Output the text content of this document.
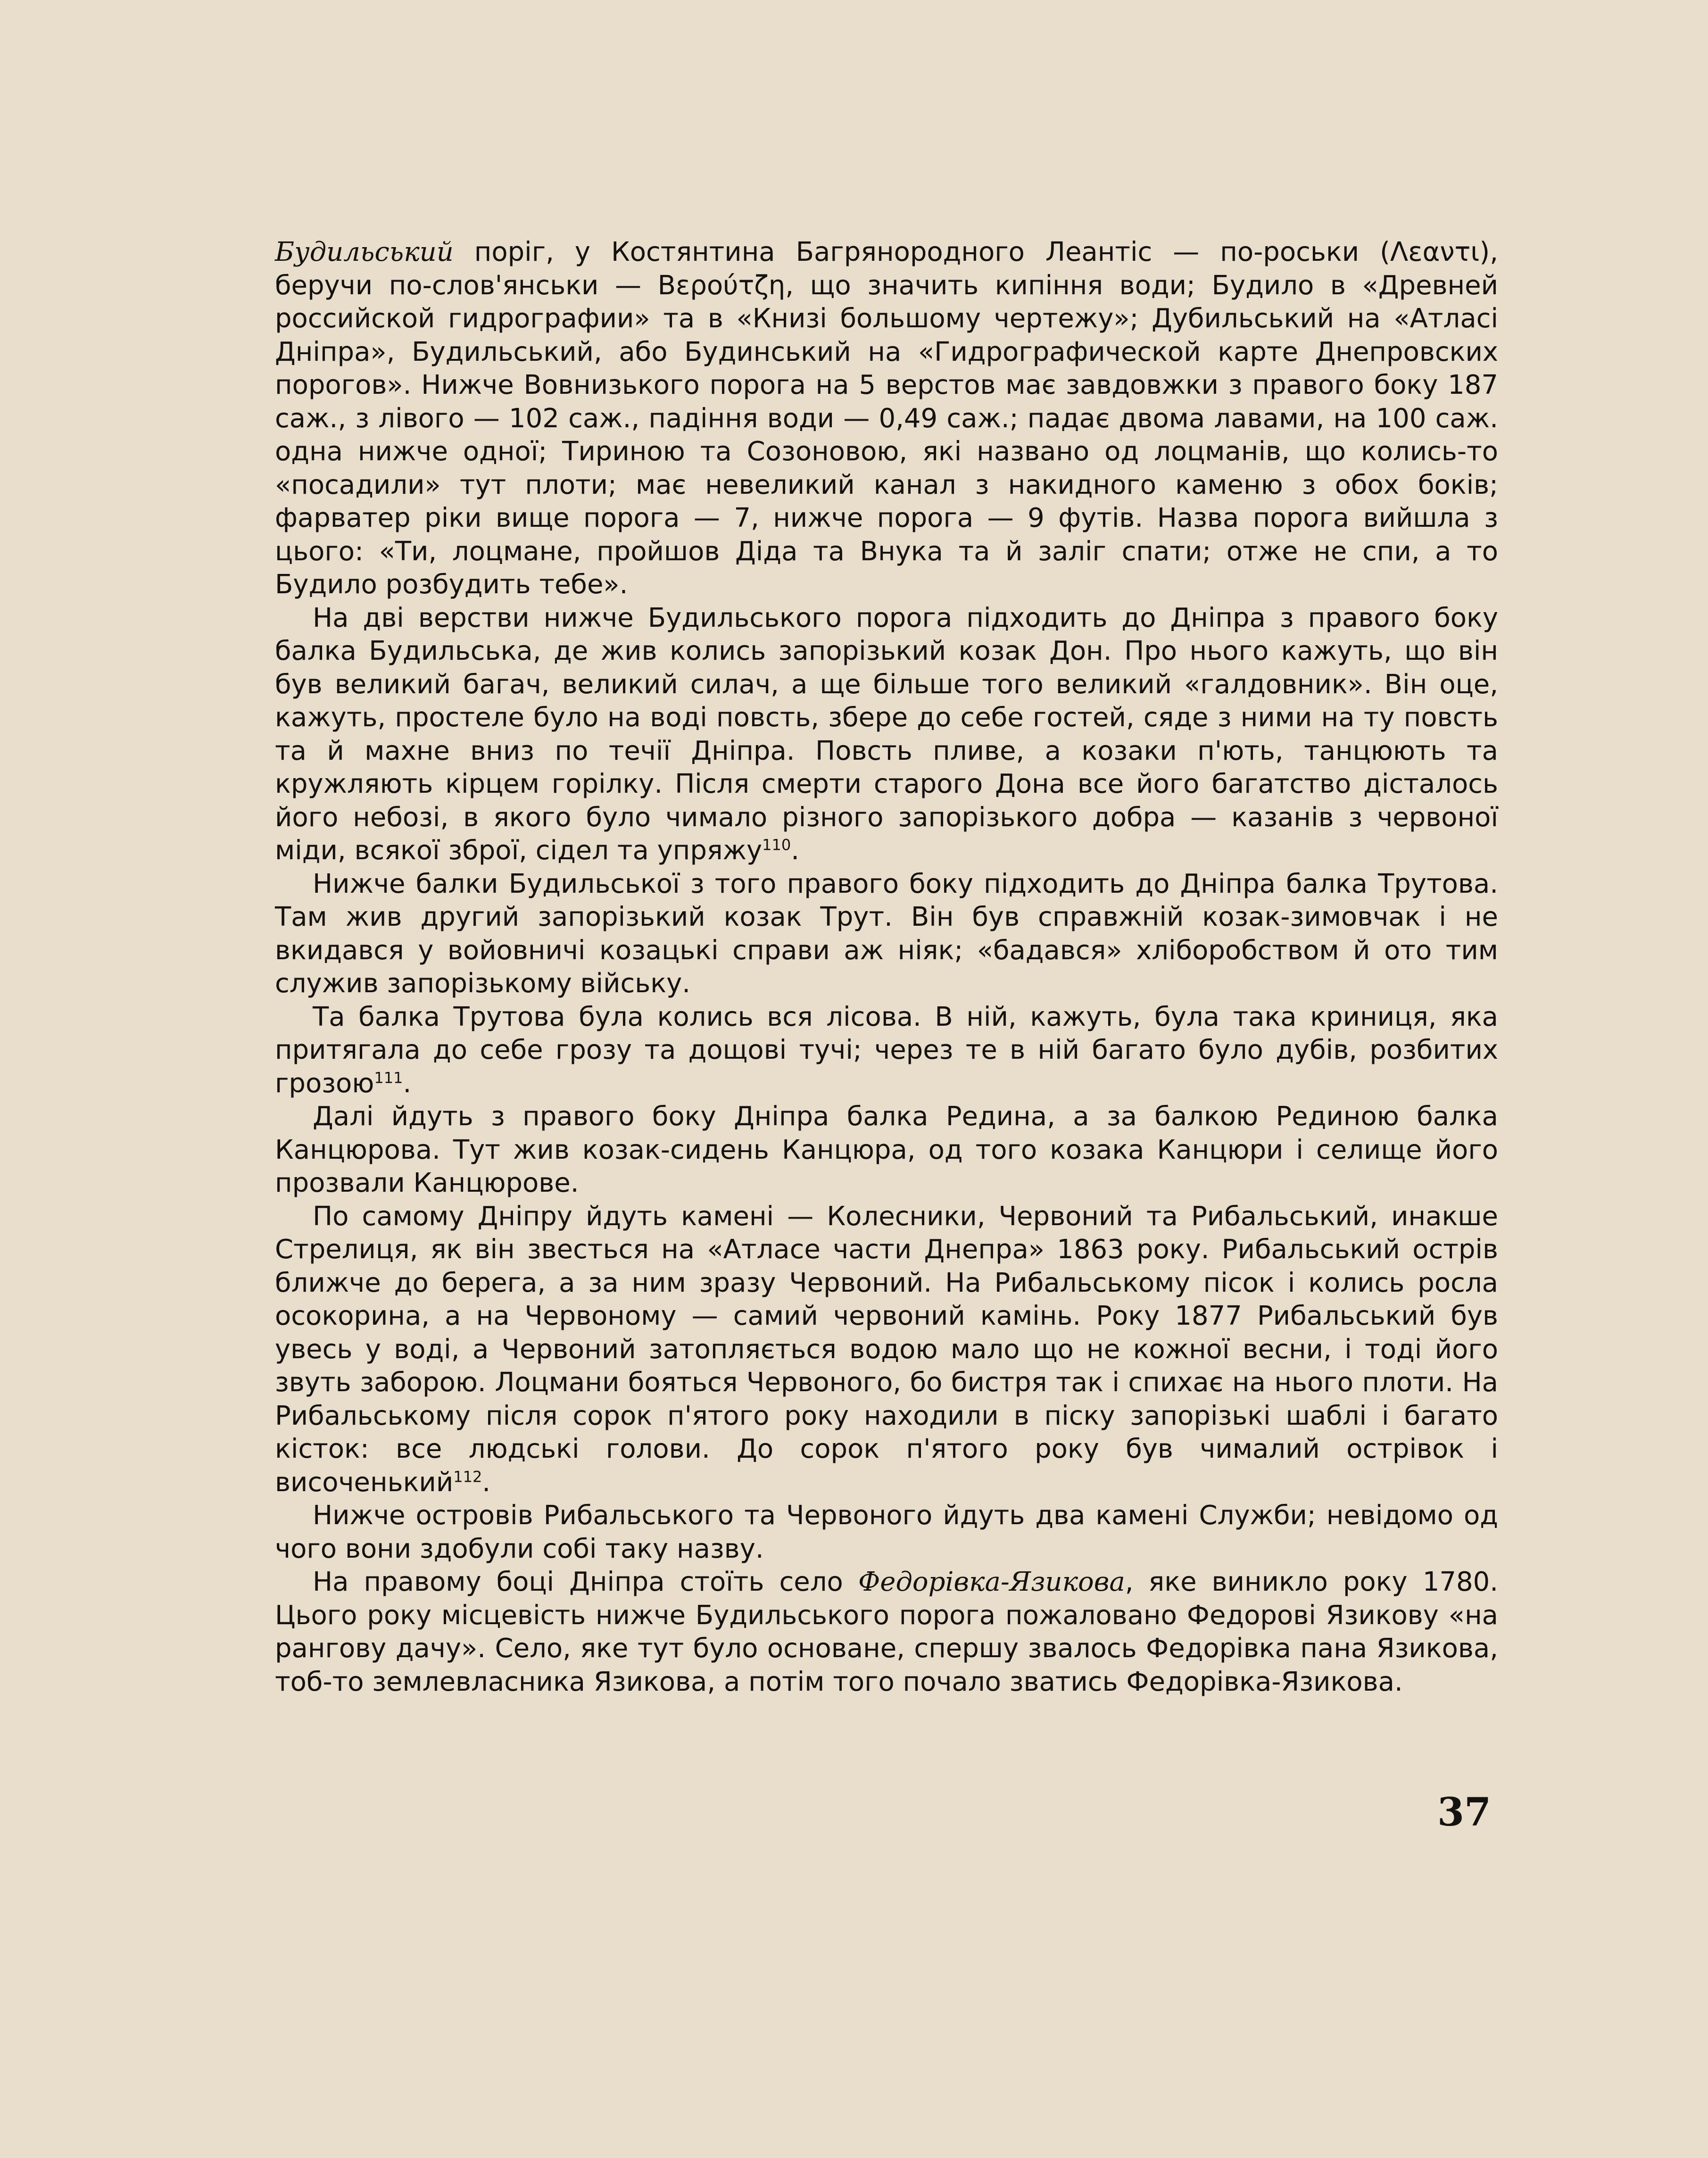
Будильський поріг, у Костянтина Багрянородного Леантіс — по-роськи (Λεαντι), беручи по-слов'янськи — Βερούτζη, що значить кипіння води; Будило в «Древней российской гидрографии» та в «Книзі большому чертежу»; Дубильський на «Атласі Дніпра», Будильський, або Будинський на «Гидрографической карте Днепровских порогов». Нижче Вовнизького порога на 5 верстов має завдовжки з правого боку 187 саж., з лівого — 102 саж., падіння води — 0,49 саж.; падає двома лавами, на 100 саж. одна нижче одної; Тириною та Созоновою, які названо од лоцманів, що колись-то «посадили» тут плоти; має невеликий канал з накидного каменю з обох боків; фарватер ріки вище порога — 7, нижче порога — 9 футів. Назва порога вийшла з цього: «Ти, лоцмане, пройшов Діда та Внука та й заліг спати; отже не спи, а то Будило розбудить тебе».

На дві верстви нижче Будильського порога підходить до Дніпра з правого боку балка Будильська, де жив колись запорізький козак Дон. Про нього кажуть, що він був великий багач, великий силач, а ще більше того великий «галдовник». Він оце, кажуть, простеле було на воді повсть, збере до себе гостей, сяде з ними на ту повсть та й махне вниз по течії Дніпра. Повсть пливе, а козаки п'ють, танцюють та кружляють кірцем горілку. Після смерти старого Дона все його багатство дісталось його небозі, в якого було чимало різного запорізького добра — казанів з червоної міди, всякої зброї, сідел та упряжу$^{110}$.

Нижче балки Будильської з того правого боку підходить до Дніпра балка Трутова. Там жив другий запорізький козак Трут. Він був справжній козак-зимовчак і не вкидався у войовничі козацькі справи аж ніяк; «бадався» хліборобством й ото тим служив запорізькому війську.

Та балка Трутова була колись вся лісова. В ній, кажуть, була така криниця, яка притягала до себе грозу та дощові тучі; через те в ній багато було дубів, розбитих грозою$^{111}$.

Далі йдуть з правого боку Дніпра балка Редина, а за балкою Рединою балка Канцюрова. Тут жив козак-сидень Канцюра, од того козака Канцюри і селище його прозвали Канцюрове.

По самому Дніпру йдуть камені — Колесники, Червоний та Рибальський, инакше Стрелиця, як він звесться на «Атласе части Днепра» 1863 року. Рибальський острів ближче до берега, а за ним зразу Червоний. На Рибальському пісок і колись росла осокорина, а на Червоному — самий червоний камінь. Року 1877 Рибальський був увесь у воді, а Червоний затопляється водою мало що не кожної весни, і тоді його звуть заборою. Лоцмани бояться Червоного, бо бистря так і спихає на нього плоти. На Рибальському після сорок п'ятого року находили в піску запорізькі шаблі і багато кісток: все людські голови. До сорок п'ятого року був чималий острівок і височенький$^{112}$.

Нижче островів Рибальського та Червоного йдуть два камені Служби; невідомо од чого вони здобули собі таку назву.

На правому боці Дніпра стоїть село Федорівка-Язикова, яке виникло року 1780. Цього року місцевість нижче Будильського порога пожаловано Федорові Язикову «на рангову дачу». Село, яке тут було основане, спершу звалось Федорівка пана Язикова, тоб-то землевласника Язикова, а потім того почало зватись Федорівка-Язикова.

37
